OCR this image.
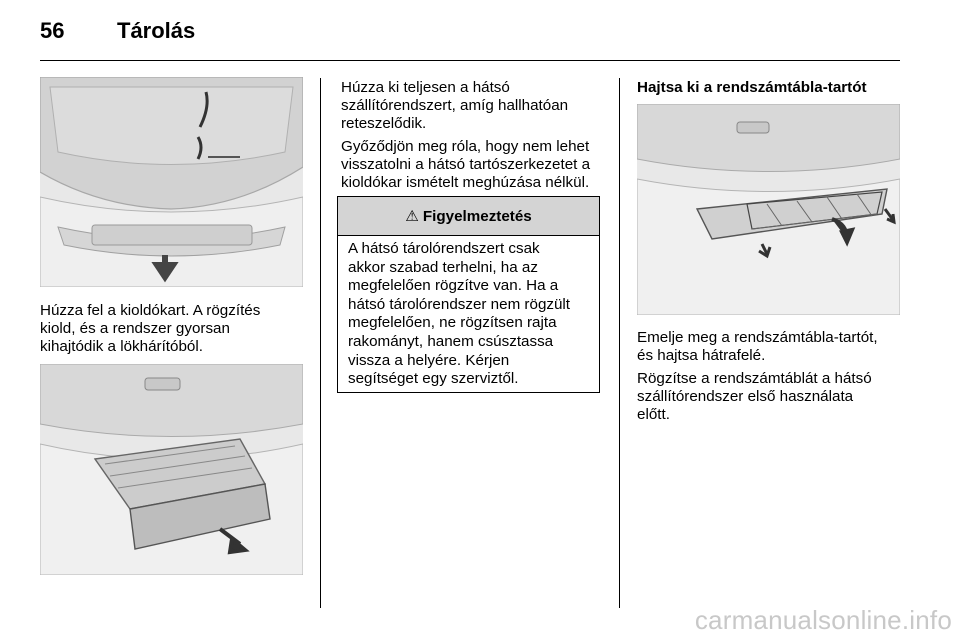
56 Tárolás

Húzza fel a kioldókart. A rögzítés
kiold, és a rendszer gyorsan
kihajtódik a lökhárítóból.

Húzza ki teljesen a hátsó
szállítórendszert, amíg hallhatóan
reteszelődik.

Győződjön meg róla, hogy nem lehet
visszatolni a hátsó tartószerkezetet a
kioldókar ismételt meghúzása nélkül.

⚠ Figyelmeztetés
A hátsó tárolórendszert csak
akkor szabad terhelni, ha az
megfelelően rögzítve van. Ha a
hátsó tárolórendszer nem rögzült
megfelelően, ne rögzítsen rajta
rakományt, hanem csúsztassa
vissza a helyére. Kérjen
segítséget egy szerviztől.
Hajtsa ki a rendszámtábla-tartót

Emelje meg a rendszámtábla-tartót,
és hajtsa hátrafelé.

Rögzítse a rendszámtáblát a hátsó
szállítórendszer első használata
előtt.

carmanualsonline.info
